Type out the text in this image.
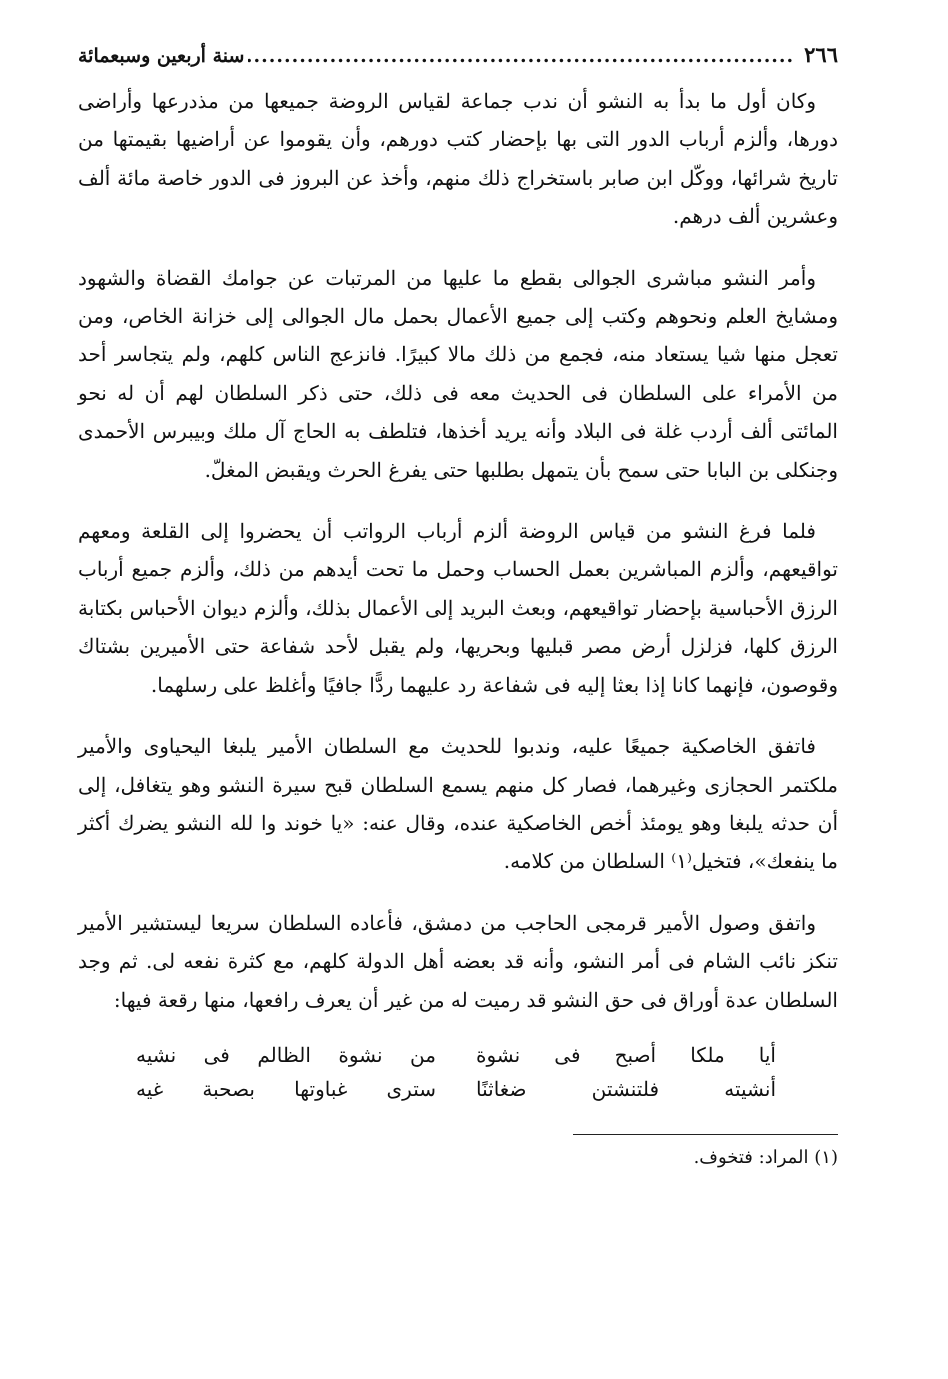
٢٦٦
.....
سنة أربعين وسبعمائة

وكان أول ما بدأ به النشو أن ندب جماعة لقياس الروضة جميعها من مذدرعها وأراضى دورها، وألزم أرباب الدور التى بها بإحضار كتب دورهم، وأن يقوموا عن أراضيها بقيمتها من تاريخ شرائها، ووكّل ابن صابر باستخراج ذلك منهم، وأخذ عن البروز فى الدور خاصة مائة ألف وعشرين ألف درهم.

وأمر النشو مباشرى الجوالى بقطع ما عليها من المرتبات عن جوامك القضاة والشهود ومشايخ العلم ونحوهم وكتب إلى جميع الأعمال بحمل مال الجوالى إلى خزانة الخاص، ومن تعجل منها شيا يستعاد منه، فجمع من ذلك مالا كبيرًا. فانزعج الناس كلهم، ولم يتجاسر أحد من الأمراء على السلطان فى الحديث معه فى ذلك، حتى ذكر السلطان لهم أن له نحو المائتى ألف أردب غلة فى البلاد وأنه يريد أخذها، فتلطف به الحاج آل ملك وبيبرس الأحمدى وجنكلى بن البابا حتى سمح بأن يتمهل بطلبها حتى يفرغ الحرث ويقبض المغلّ.

فلما فرغ النشو من قياس الروضة ألزم أرباب الرواتب أن يحضروا إلى القلعة ومعهم تواقيعهم، وألزم المباشرين بعمل الحساب وحمل ما تحت أيدهم من ذلك، وألزم جميع أرباب الرزق الأحباسية بإحضار تواقيعهم، وبعث البريد إلى الأعمال بذلك، وألزم ديوان الأحباس بكتابة الرزق كلها، فزلزل أرض مصر قبليها وبحريها، ولم يقبل لأحد شفاعة حتى الأميرين بشتاك وقوصون، فإنهما كانا إذا بعثا إليه فى شفاعة رد عليهما ردًّا جافيًا وأغلظ على رسلهما.

فاتفق الخاصكية جميعًا عليه، وندبوا للحديث مع السلطان الأمير يلبغا اليحياوى والأمير ملكتمر الحجازى وغيرهما، فصار كل منهم يسمع السلطان قبح سيرة النشو وهو يتغافل، إلى أن حدثه يلبغا وهو يومئذ أخص الخاصكية عنده، وقال عنه: «يا خوند وا لله النشو يضرك أكثر ما ينفعك»، فتخيل⁽١⁾ السلطان من كلامه.

واتفق وصول الأمير قرمجى الحاجب من دمشق، فأعاده السلطان سريعا ليستشير الأمير تنكز نائب الشام فى أمر النشو، وأنه قد بعضه أهل الدولة كلهم، مع كثرة نفعه لى. ثم وجد السلطان عدة أوراق فى حق النشو قد رميت له من غير أن يعرف رافعها، منها رقعة فيها:

أيا ملكا أصبح فى نشوة
من نشوة الظالم فى نشيه
أنشيته فلتنشتن ضغاثنًا
سترى غباوتها بصحبة غيه
(١) المراد: فتخوف.
